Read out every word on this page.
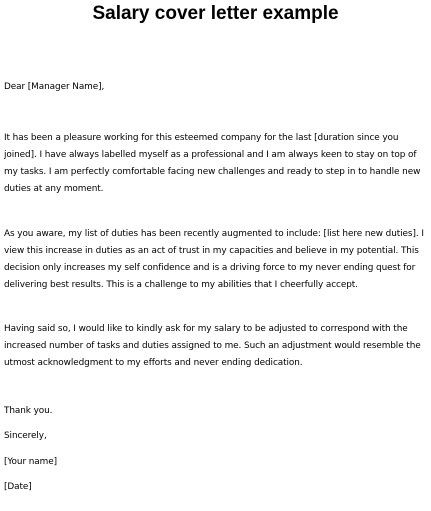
Salary cover letter example
Dear [Manager Name],
It has been a pleasure working for this esteemed company for the last [duration since you
joined]. I have always labelled myself as a professional and I am always keen to stay on top of
my tasks. I am perfectly comfortable facing new challenges and ready to step in to handle new
duties at any moment.
As you aware, my list of duties has been recently augmented to include: [list here new duties]. I
view this increase in duties as an act of trust in my capacities and believe in my potential. This
decision only increases my self confidence and is a driving force to my never ending quest for
delivering best results. This is a challenge to my abilities that I cheerfully accept.
Having said so, I would like to kindly ask for my salary to be adjusted to correspond with the
increased number of tasks and duties assigned to me. Such an adjustment would resemble the
utmost acknowledgment to my efforts and never ending dedication.
Thank you.
Sincerely,
[Your name]
[Date]
